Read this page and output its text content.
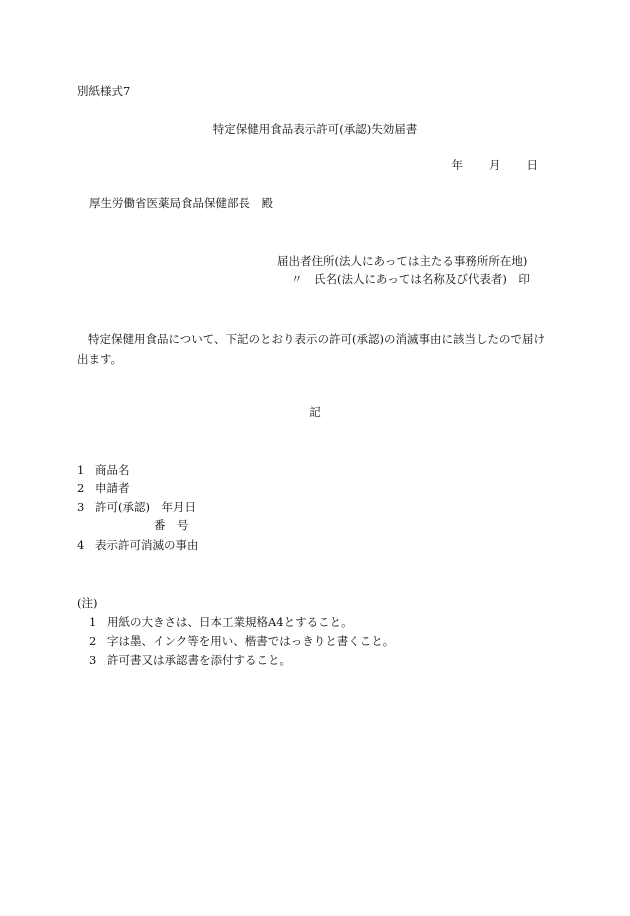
別紙様式7
特定保健用食品表示許可(承認)失効届書
年 月 日
厚生労働省医薬局食品保健部長　殿
届出者住所(法人にあっては主たる事務所所在地)
〃　氏名(法人にあっては名称及び代表者)　印
特定保健用食品について、下記のとおり表示の許可(承認)の消滅事由に該当したので届け出ます。
記
1 商品名
2 申請者
3 許可(承認)　年月日
番　号
4 表示許可消滅の事由
(注)
1 用紙の大きさは、日本工業規格A4とすること。
2 字は墨、インク等を用い、楷書ではっきりと書くこと。
3 許可書又は承認書を添付すること。
